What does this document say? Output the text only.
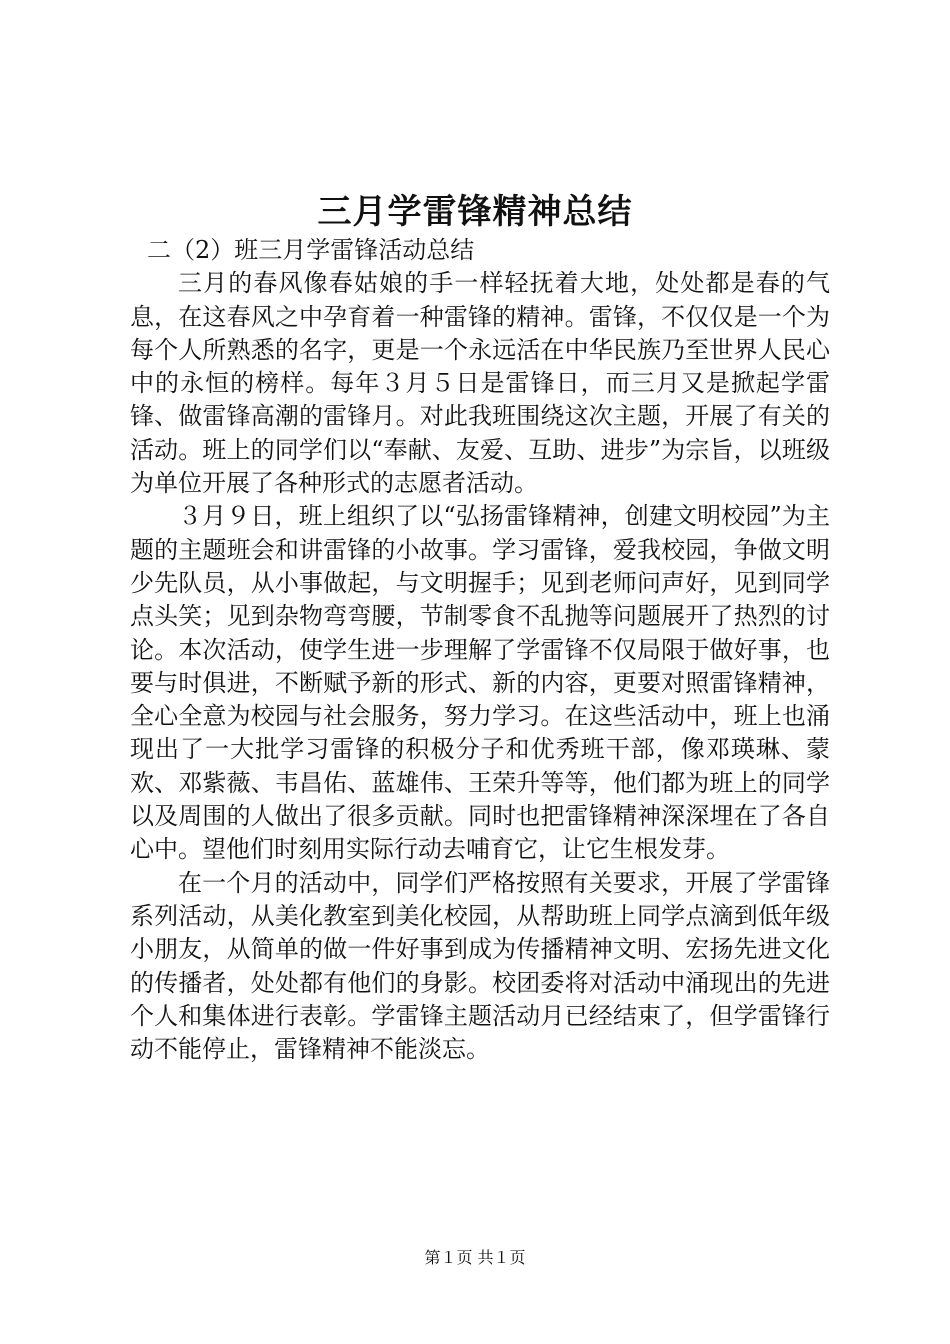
三月学雷锋精神总结

二（2）班三月学雷锋活动总结

三月的春风像春姑娘的手一样轻抚着大地，处处都是春的气息，在这春风之中孕育着一种雷锋的精神。雷锋，不仅仅是一个为每个人所熟悉的名字，更是一个永远活在中华民族乃至世界人民心中的永恒的榜样。每年３月５日是雷锋日，而三月又是掀起学雷锋、做雷锋高潮的雷锋月。对此我班围绕这次主题，开展了有关的活动。班上的同学们以“奉献、友爱、互助、进步”为宗旨，以班级为单位开展了各种形式的志愿者活动。

３月９日，班上组织了以“弘扬雷锋精神，创建文明校园”为主题的主题班会和讲雷锋的小故事。学习雷锋，爱我校园，争做文明少先队员，从小事做起，与文明握手；见到老师问声好，见到同学点头笑；见到杂物弯弯腰，节制零食不乱抛等问题展开了热烈的讨论。本次活动，使学生进一步理解了学雷锋不仅局限于做好事，也要与时俱进，不断赋予新的形式、新的内容，更要对照雷锋精神，全心全意为校园与社会服务，努力学习。在这些活动中，班上也涌现出了一大批学习雷锋的积极分子和优秀班干部，像邓瑛琳、蒙欢、邓紫薇、韦昌佑、蓝雄伟、王荣升等等，他们都为班上的同学以及周围的人做出了很多贡献。同时也把雷锋精神深深埋在了各自心中。望他们时刻用实际行动去哺育它，让它生根发芽。

在一个月的活动中，同学们严格按照有关要求，开展了学雷锋系列活动，从美化教室到美化校园，从帮助班上同学点滴到低年级小朋友，从简单的做一件好事到成为传播精神文明、宏扬先进文化的传播者，处处都有他们的身影。校团委将对活动中涌现出的先进个人和集体进行表彰。学雷锋主题活动月已经结束了，但学雷锋行动不能停止，雷锋精神不能淡忘。

第１页 共１页
